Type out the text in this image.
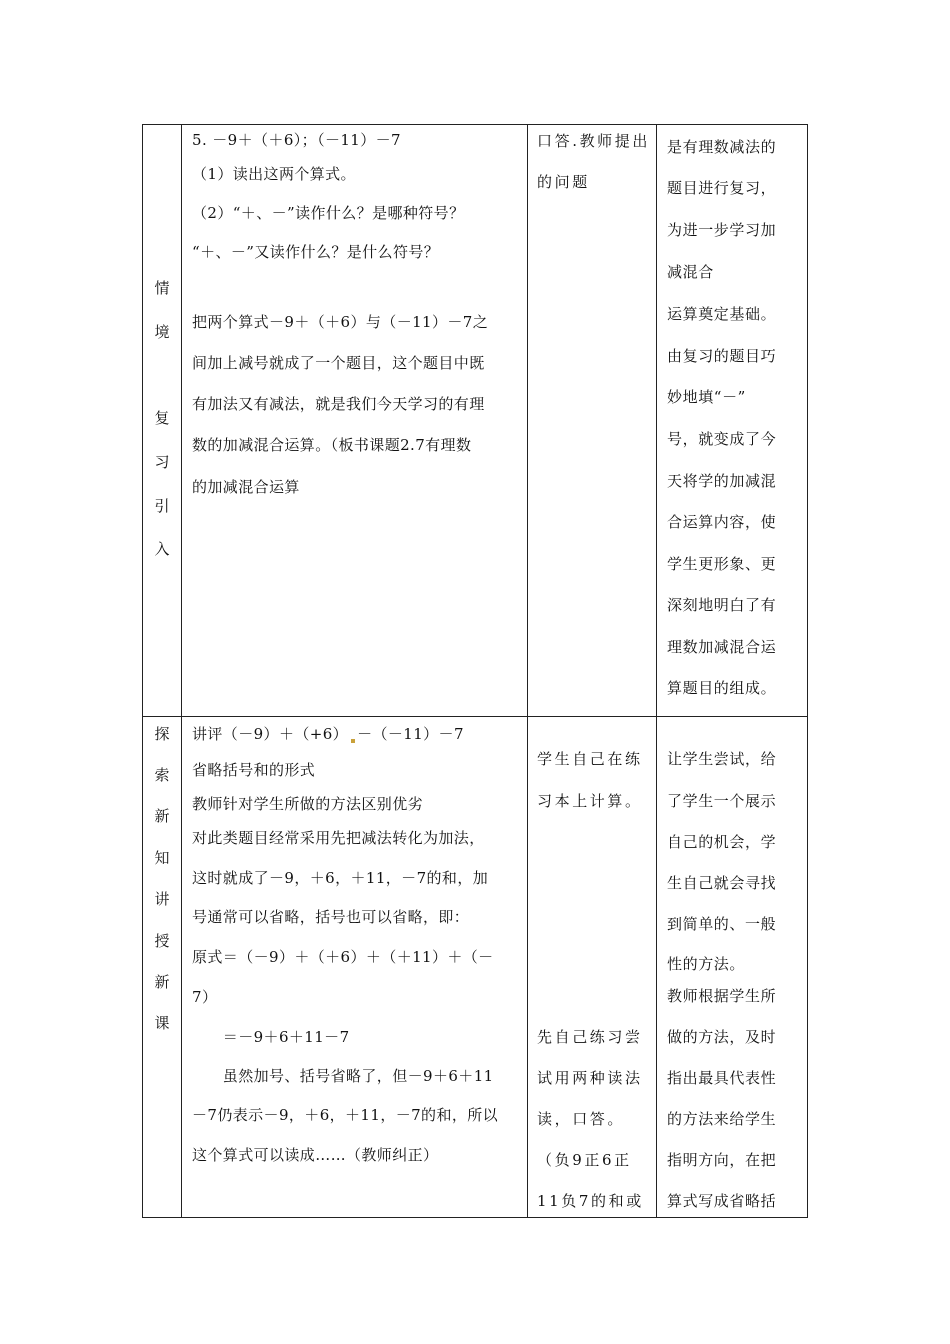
情
境
复
习
引
入
5. －9＋（＋6）；（－11）－7
（1）读出这两个算式。
（2）“＋、－”读作什么？是哪种符号？
“＋、－”又读作什么？是什么符号？
把两个算式－9＋（＋6）与（－11）－7之
间加上减号就成了一个题目，这个题目中既
有加法又有减法，就是我们今天学习的有理
数的加减混合运算。（板书课题2.7有理数
的加减混合运算
口答.教师提出
的问题
是有理数减法的
题目进行复习，
为进一步学习加
减混合
运算奠定基础。
由复习的题目巧
妙地填“－”
号，就变成了今
天将学的加减混
合运算内容，使
学生更形象、更
深刻地明白了有
理数加减混合运
算题目的组成。
探
索
新
知
讲
授
新
课
讲评（－9）＋（+6） －（－11）－7
省略括号和的形式
教师针对学生所做的方法区别优劣
对此类题目经常采用先把减法转化为加法，
这时就成了－9，＋6，＋11，－7的和，加
号通常可以省略，括号也可以省略，即：
原式＝（－9）＋（＋6）＋（＋11）＋（－
7）
　　＝－9＋6＋11－7
　　虽然加号、括号省略了，但－9＋6＋11
－7仍表示－9，＋6，＋11，－7的和，所以
这个算式可以读成……（教师纠正）
学生自己在练
习本上计算。
先自己练习尝
试用两种读法
读，口答。
（负9正6正
11负7的和或
让学生尝试，给
了学生一个展示
自己的机会，学
生自己就会寻找
到简单的、一般
性的方法。
教师根据学生所
做的方法，及时
指出最具代表性
的方法来给学生
指明方向，在把
算式写成省略括
